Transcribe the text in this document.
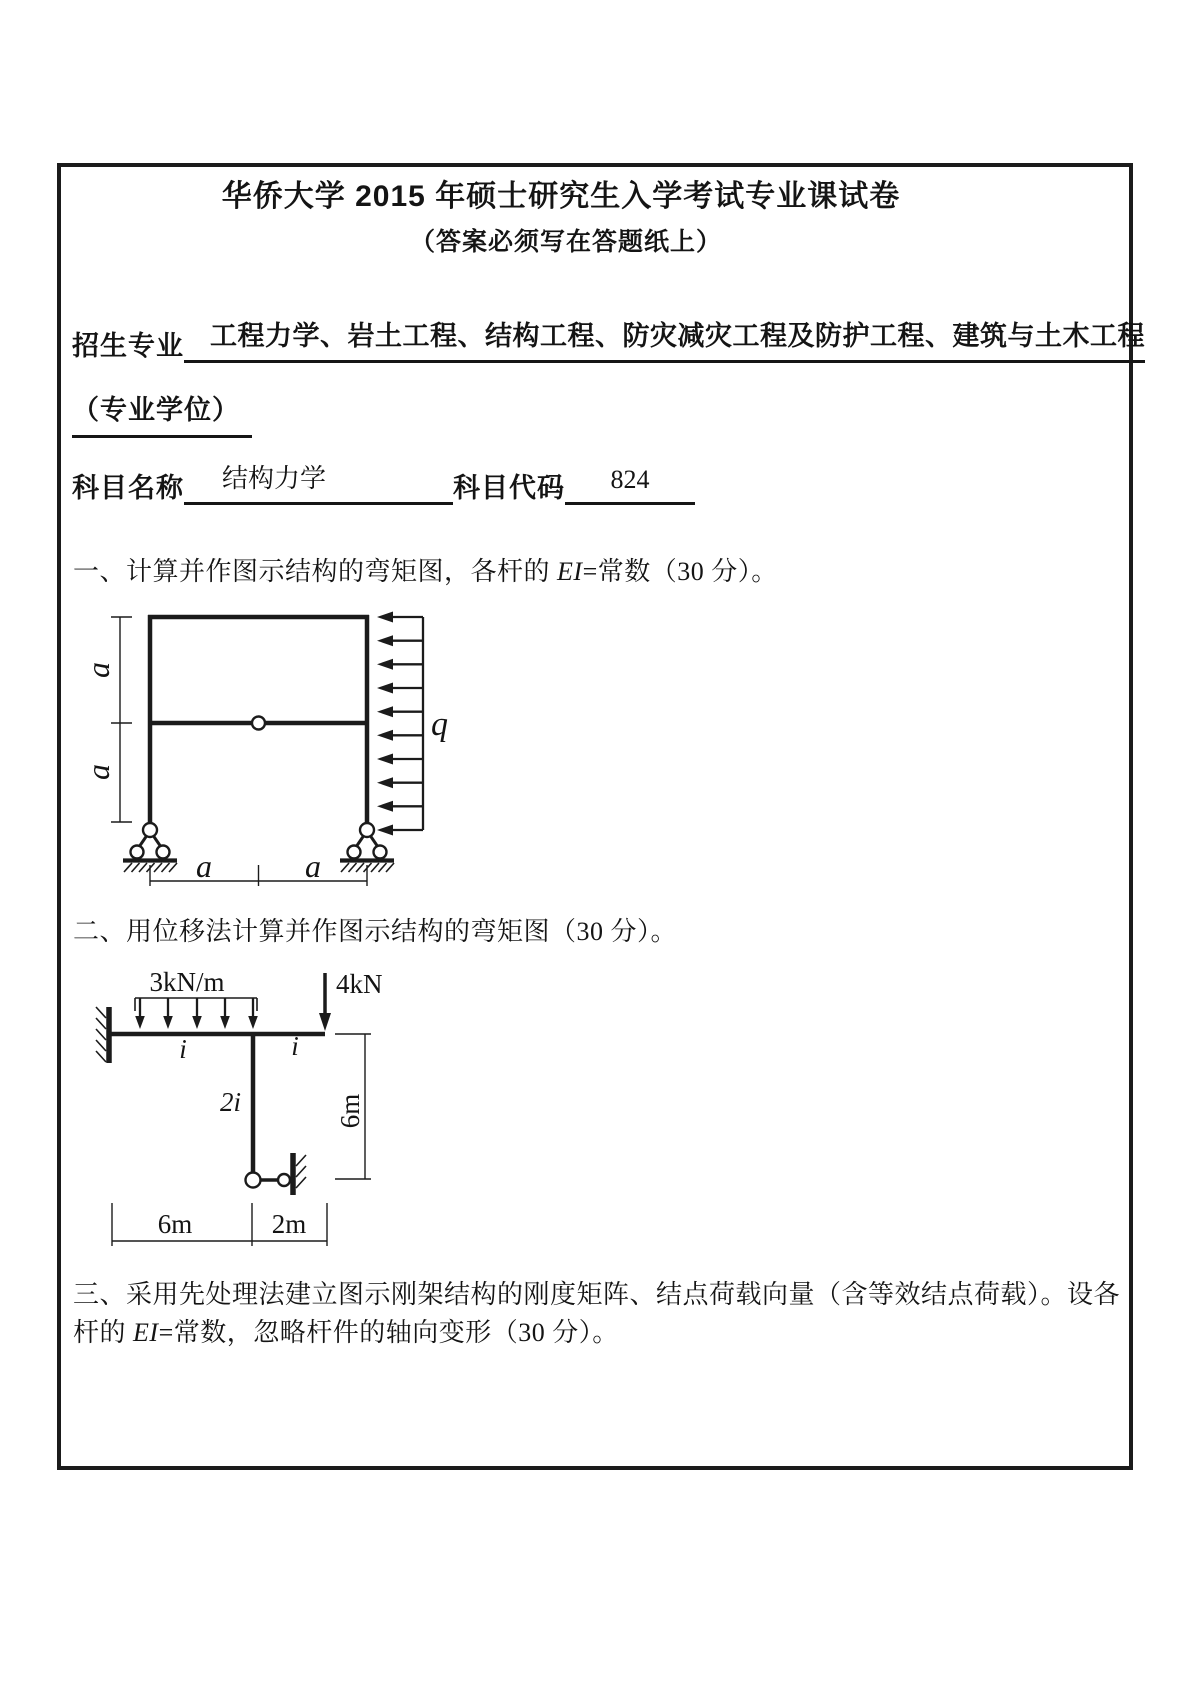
华侨大学 2015 年硕士研究生入学考试专业课试卷
（答案必须写在答题纸上）
招生专业 工程力学、岩土工程、结构工程、防灾减灾工程及防护工程、建筑与土木工程
（专业学位）
科目名称	结构力学	科目代码	824

一、计算并作图示结构的弯矩图，各杆的 EI=常数（30 分）。

a
a
q
a	a

二、用位移法计算并作图示结构的弯矩图（30 分）。

3kN/m	4kN
i	i
2i	6m
6m	2m

三、采用先处理法建立图示刚架结构的刚度矩阵、结点荷载向量（含等效结点荷载）。设各杆的 EI=常数，忽略杆件的轴向变形（30 分）。
